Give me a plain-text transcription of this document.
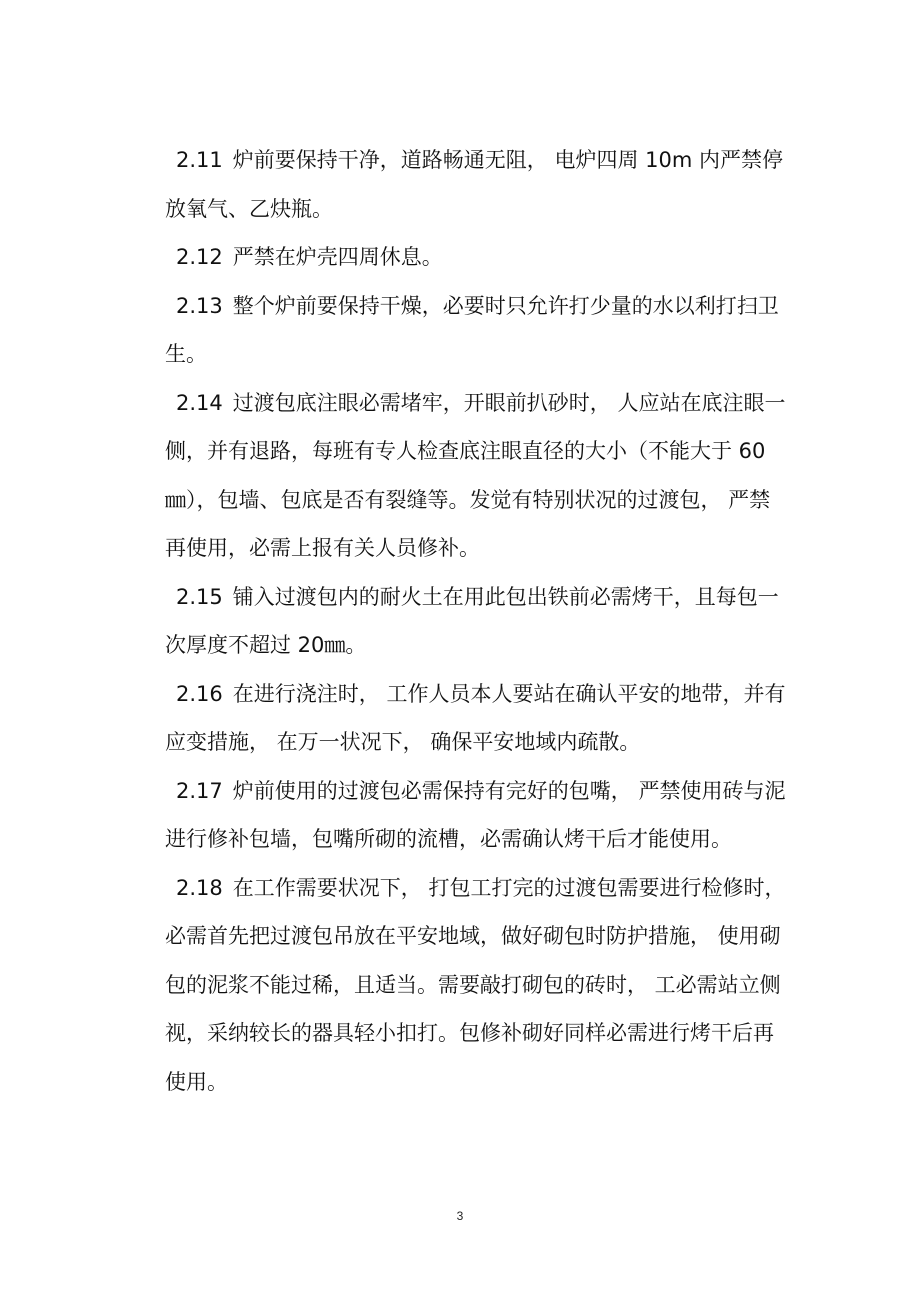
2.11 炉前要保持干净，道路畅通无阻， 电炉四周 10m 内严禁停放氧气、乙炔瓶。

2.12 严禁在炉壳四周休息。

2.13 整个炉前要保持干燥，必要时只允许打少量的水以利打扫卫生。

2.14 过渡包底注眼必需堵牢，开眼前扒砂时， 人应站在底注眼一侧，并有退路，每班有专人检查底注眼直径的大小（不能大于 60 ㎜），包墙、包底是否有裂缝等。发觉有特别状况的过渡包， 严禁再使用，必需上报有关人员修补。

2.15 铺入过渡包内的耐火土在用此包出铁前必需烤干，且每包一次厚度不超过 20㎜。

2.16 在进行浇注时， 工作人员本人要站在确认平安的地带，并有应变措施， 在万一状况下， 确保平安地域内疏散。

2.17 炉前使用的过渡包必需保持有完好的包嘴， 严禁使用砖与泥进行修补包墙，包嘴所砌的流槽，必需确认烤干后才能使用。

2.18 在工作需要状况下， 打包工打完的过渡包需要进行检修时，必需首先把过渡包吊放在平安地域，做好砌包时防护措施， 使用砌包的泥浆不能过稀，且适当。需要敲打砌包的砖时， 工必需站立侧视，采纳较长的器具轻小扣打。包修补砌好同样必需进行烤干后再使用。

3
